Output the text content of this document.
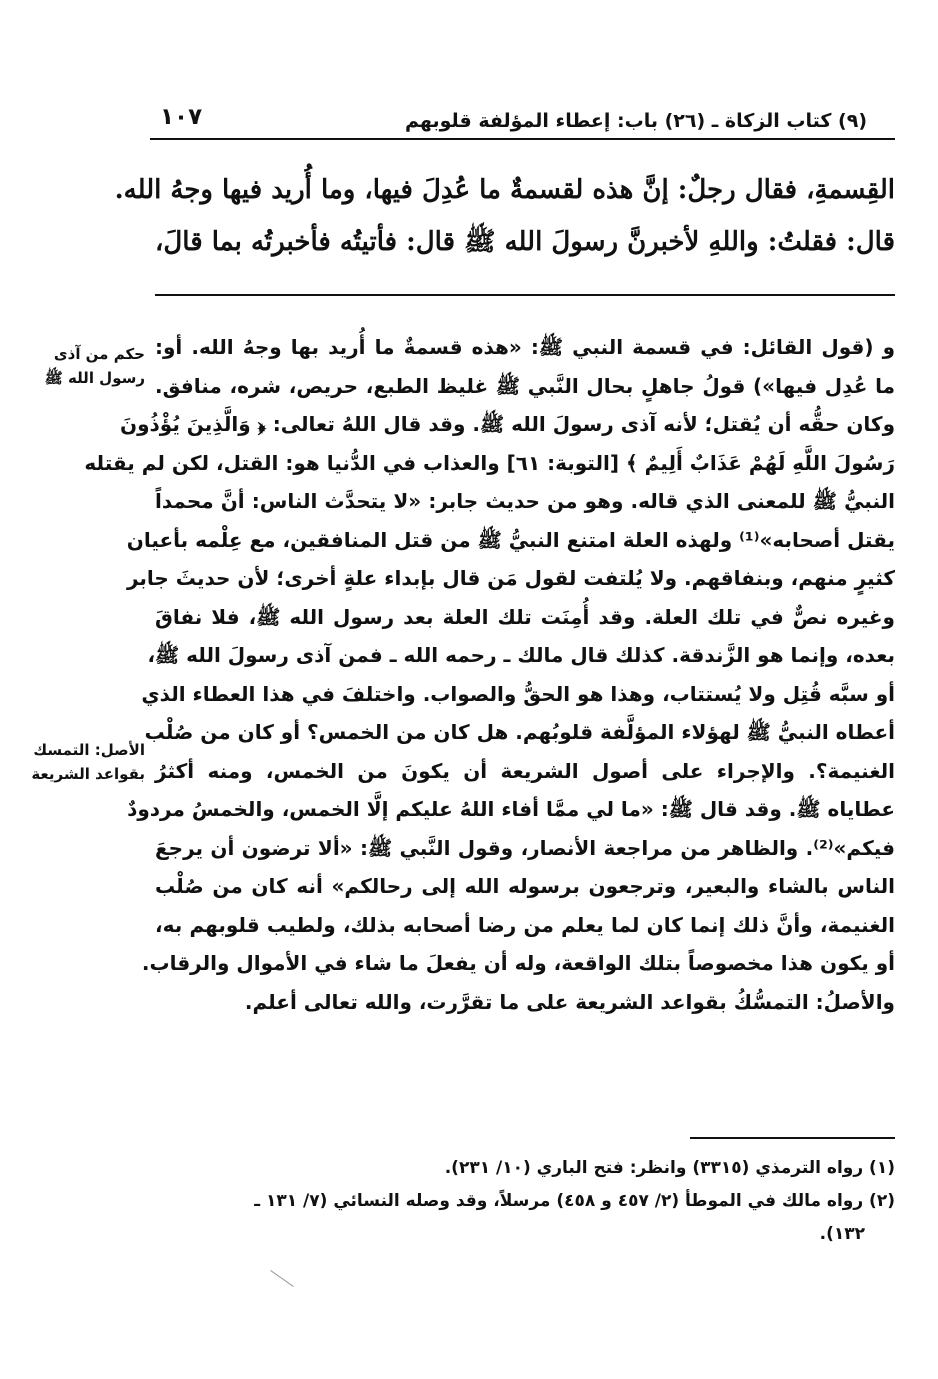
(٩) كتاب الزكاة ـ (٢٦) باب: إعطاء المؤلفة قلوبهم
١٠٧
القِسمةِ، فقال رجلٌ: إنَّ هذه لقسمةٌ ما عُدِلَ فيها، وما أُريد فيها وجهُ الله.
قال: فقلتُ: واللهِ لأخبرنَّ رسولَ الله ﷺ قال: فأتيتُه فأخبرتُه بما قالَ،
و (قول القائل: في قسمة النبي ﷺ: «هذه قسمةٌ ما أُريد بها وجهُ الله. أو:
ما عُدِل فيها») قولُ جاهلٍ بحال النَّبي ﷺ غليظ الطبع، حريص، شره، منافق.
وكان حقُّه أن يُقتل؛ لأنه آذى رسولَ الله ﷺ. وقد قال اللهُ تعالى: ﴿ وَالَّذِينَ يُؤْذُونَ
رَسُولَ اللَّهِ لَهُمْ عَذَابٌ أَلِيمٌ ﴾ [التوبة: ٦١] والعذاب في الدُّنيا هو: القتل، لكن لم يقتله
النبيُّ ﷺ للمعنى الذي قاله. وهو من حديث جابر: «لا يتحدَّث الناس: أنَّ محمداً
يقتل أصحابه»⁽¹⁾ ولهذه العلة امتنع النبيُّ ﷺ من قتل المنافقين، مع عِلْمه بأعيان
كثيرٍ منهم، وبنفاقهم. ولا يُلتفت لقول مَن قال بإبداء علةٍ أخرى؛ لأن حديثَ جابر
وغيره نصٌّ في تلك العلة. وقد أُمِنَت تلك العلة بعد رسول الله ﷺ، فلا نفاقَ
بعده، وإنما هو الزَّندقة. كذلك قال مالك ـ رحمه الله ـ فمن آذى رسولَ الله ﷺ،
أو سبَّه قُتِل ولا يُستتاب، وهذا هو الحقُّ والصواب. واختلفَ في هذا العطاء الذي
أعطاه النبيُّ ﷺ لهؤلاء المؤلَّفة قلوبُهم. هل كان من الخمس؟ أو كان من صُلْب
الغنيمة؟. والإجراء على أصول الشريعة أن يكونَ من الخمس، ومنه أكثرُ
عطاياه ﷺ. وقد قال ﷺ: «ما لي ممَّا أفاء اللهُ عليكم إلَّا الخمس، والخمسُ مردودٌ
فيكم»⁽²⁾. والظاهر من مراجعة الأنصار، وقول النَّبي ﷺ: «ألا ترضون أن يرجعَ
الناس بالشاء والبعير، وترجعون برسوله الله إلى رحالكم» أنه كان من صُلْب
الغنيمة، وأنَّ ذلك إنما كان لما يعلم من رضا أصحابه بذلك، ولطيب قلوبهم به،
أو يكون هذا مخصوصاً بتلك الواقعة، وله أن يفعلَ ما شاء في الأموال والرقاب.
والأصلُ: التمسُّكُ بقواعد الشريعة على ما تقرَّرت، والله تعالى أعلم.
حكم من آذى
رسول الله ﷺ
الأصل: التمسك
بقواعد الشريعة
(١) رواه الترمذي (٣٣١٥) وانظر: فتح الباري (١٠/ ٢٣١).
(٢) رواه مالك في الموطأ (٢/ ٤٥٧ و ٤٥٨) مرسلاً، وقد وصله النسائي (٧/ ١٣١ ـ
١٣٢).
